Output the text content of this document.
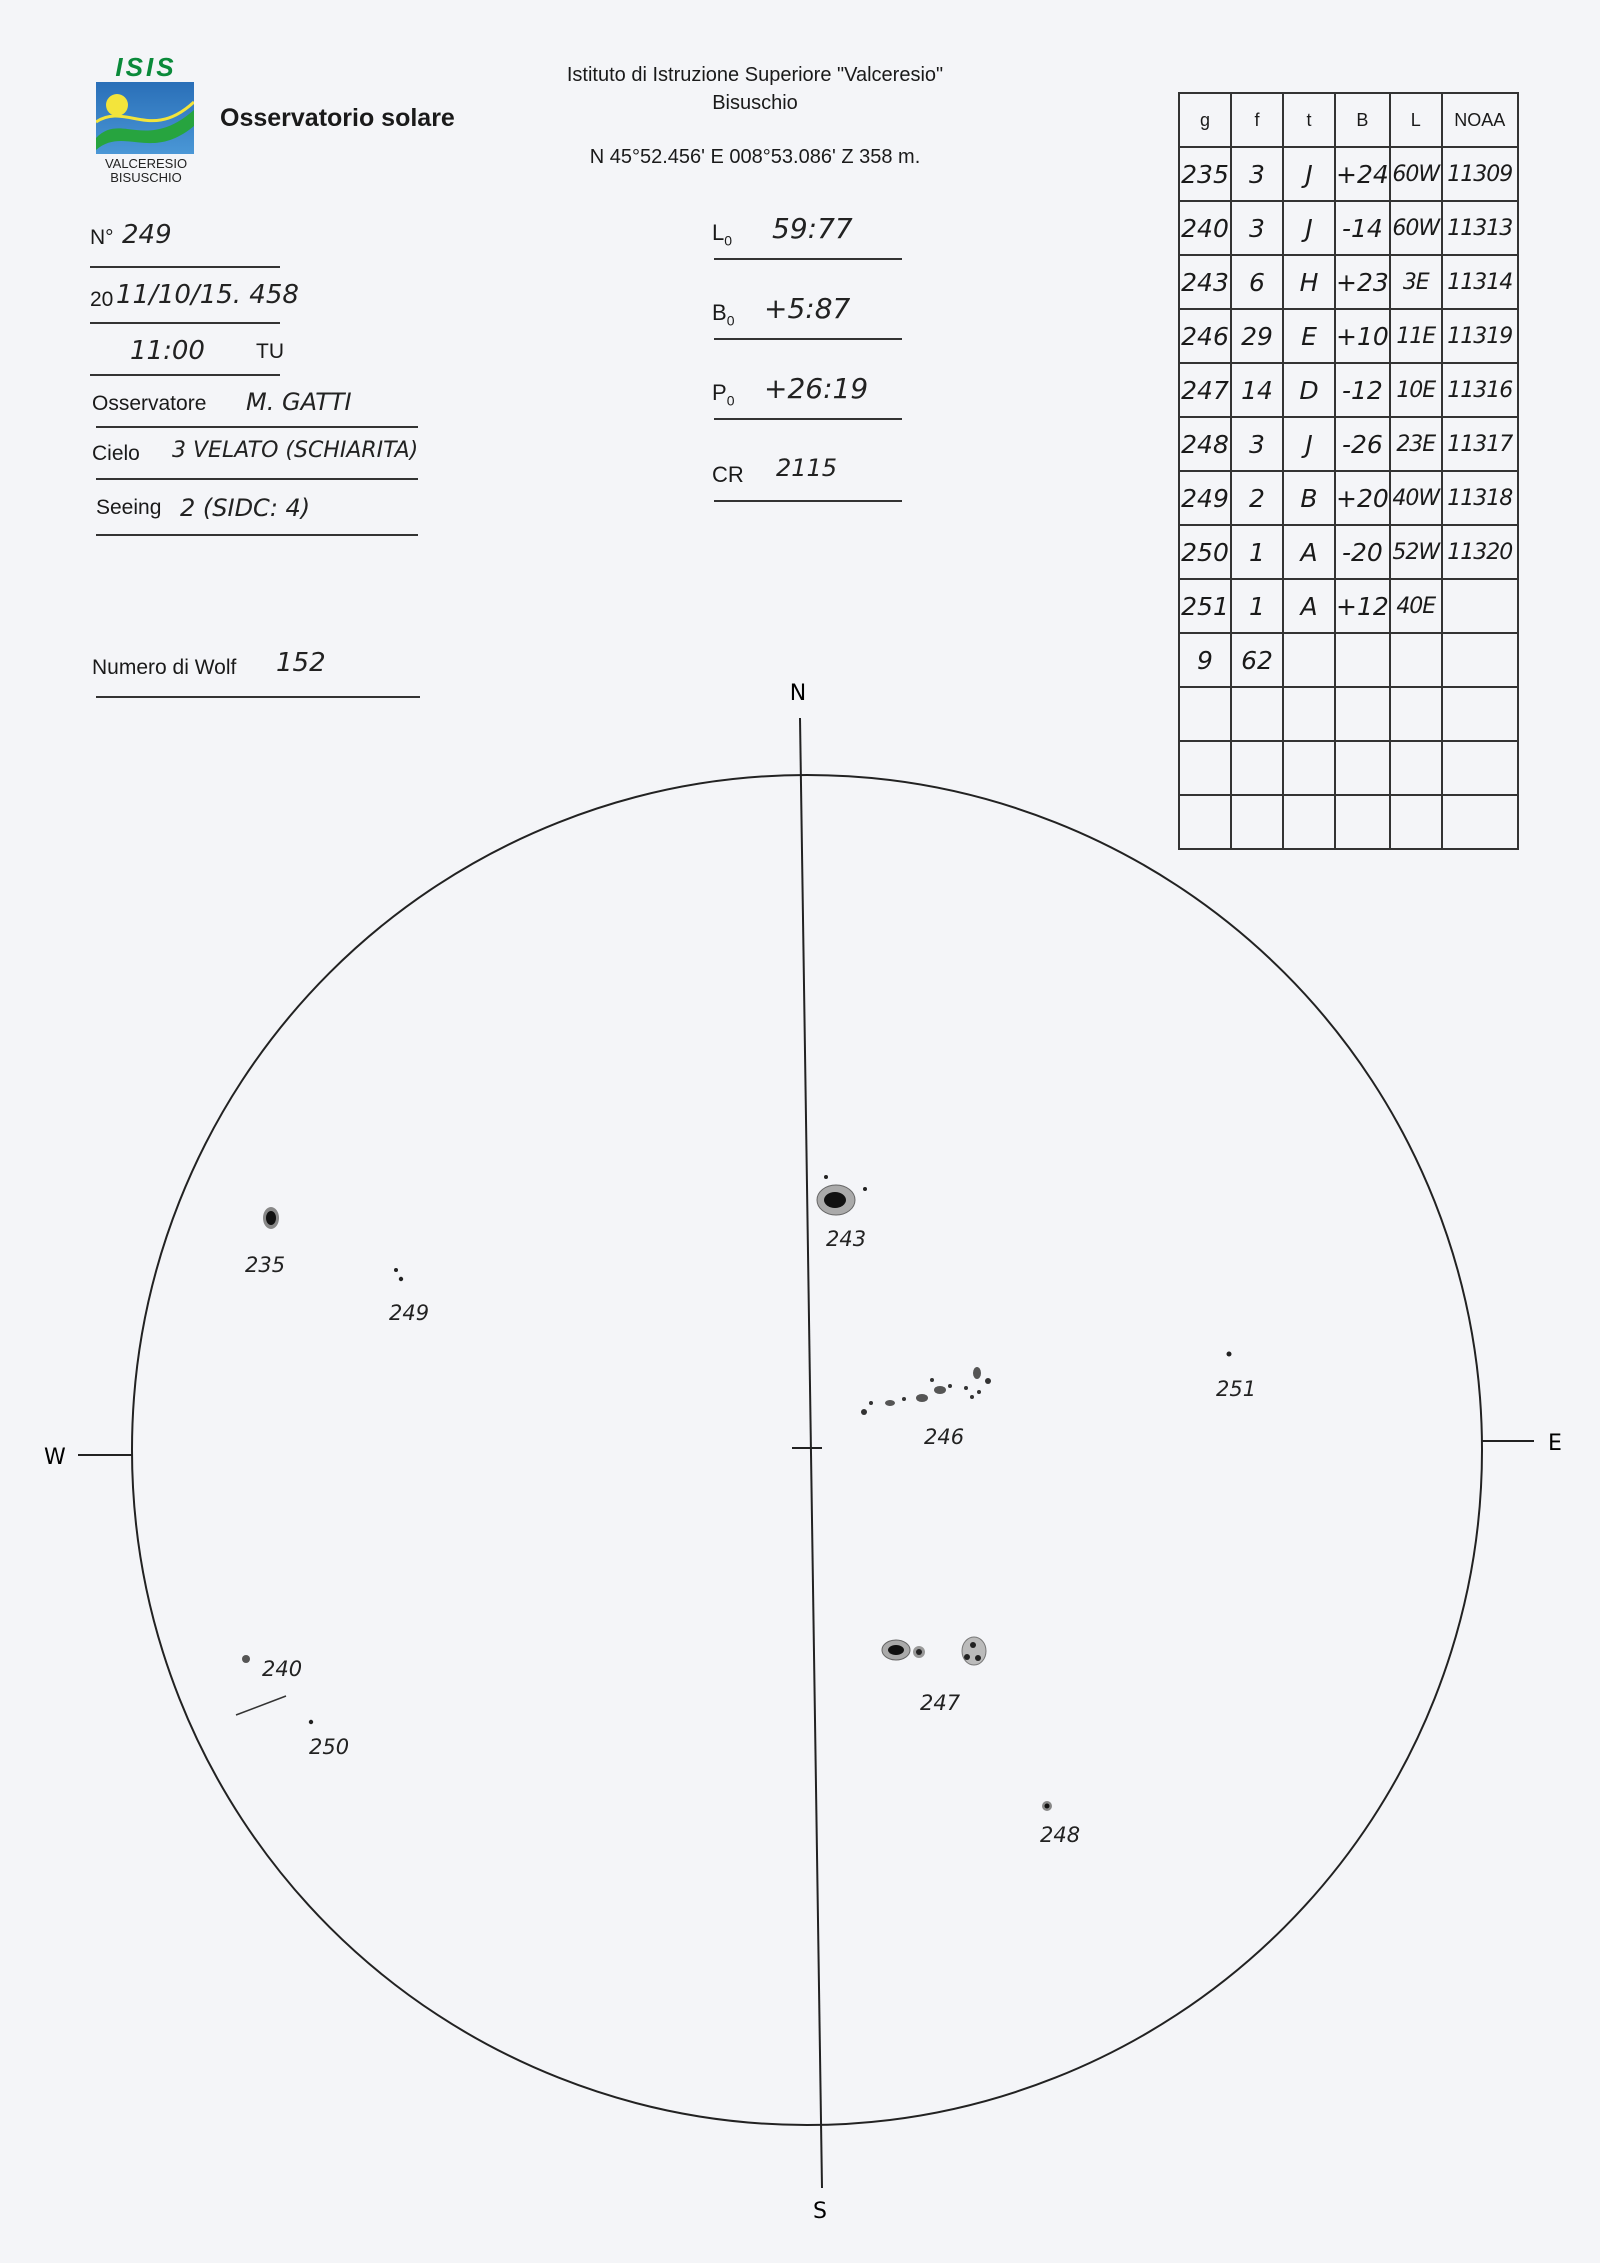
ISIS
VALCERESIO
BISUSCHIO
Osservatorio solare
Istituto di Istruzione Superiore "Valceresio"
Bisuschio
N 45°52.456' E 008°53.086' Z 358 m.
N° 249
20 11/10/15. 458
11:00 TU
Osservatore M. GATTI
Cielo 3 VELATO (SCHIARITA)
Seeing 2 (SIDC: 4)
Numero di Wolf 152
$L_0$ 59:77
$B_0$ +5:87
$P_0$ +26:19
CR 2115
g	f	t	B	L	NOAA
235	3	J	+24	60W	11309
240	3	J	-14	60W	11313
243	6	H	+23	3E	11314
246	29	E	+10	11E	11319
247	14	D	-12	10E	11316
248	3	J	-26	23E	11317
249	2	B	+20	40W	11318
250	1	A	-20	52W	11320
251	1	A	+12	40E	
9	62				

N
S
E
W
235
249
243
246
251
240
250
247
248
